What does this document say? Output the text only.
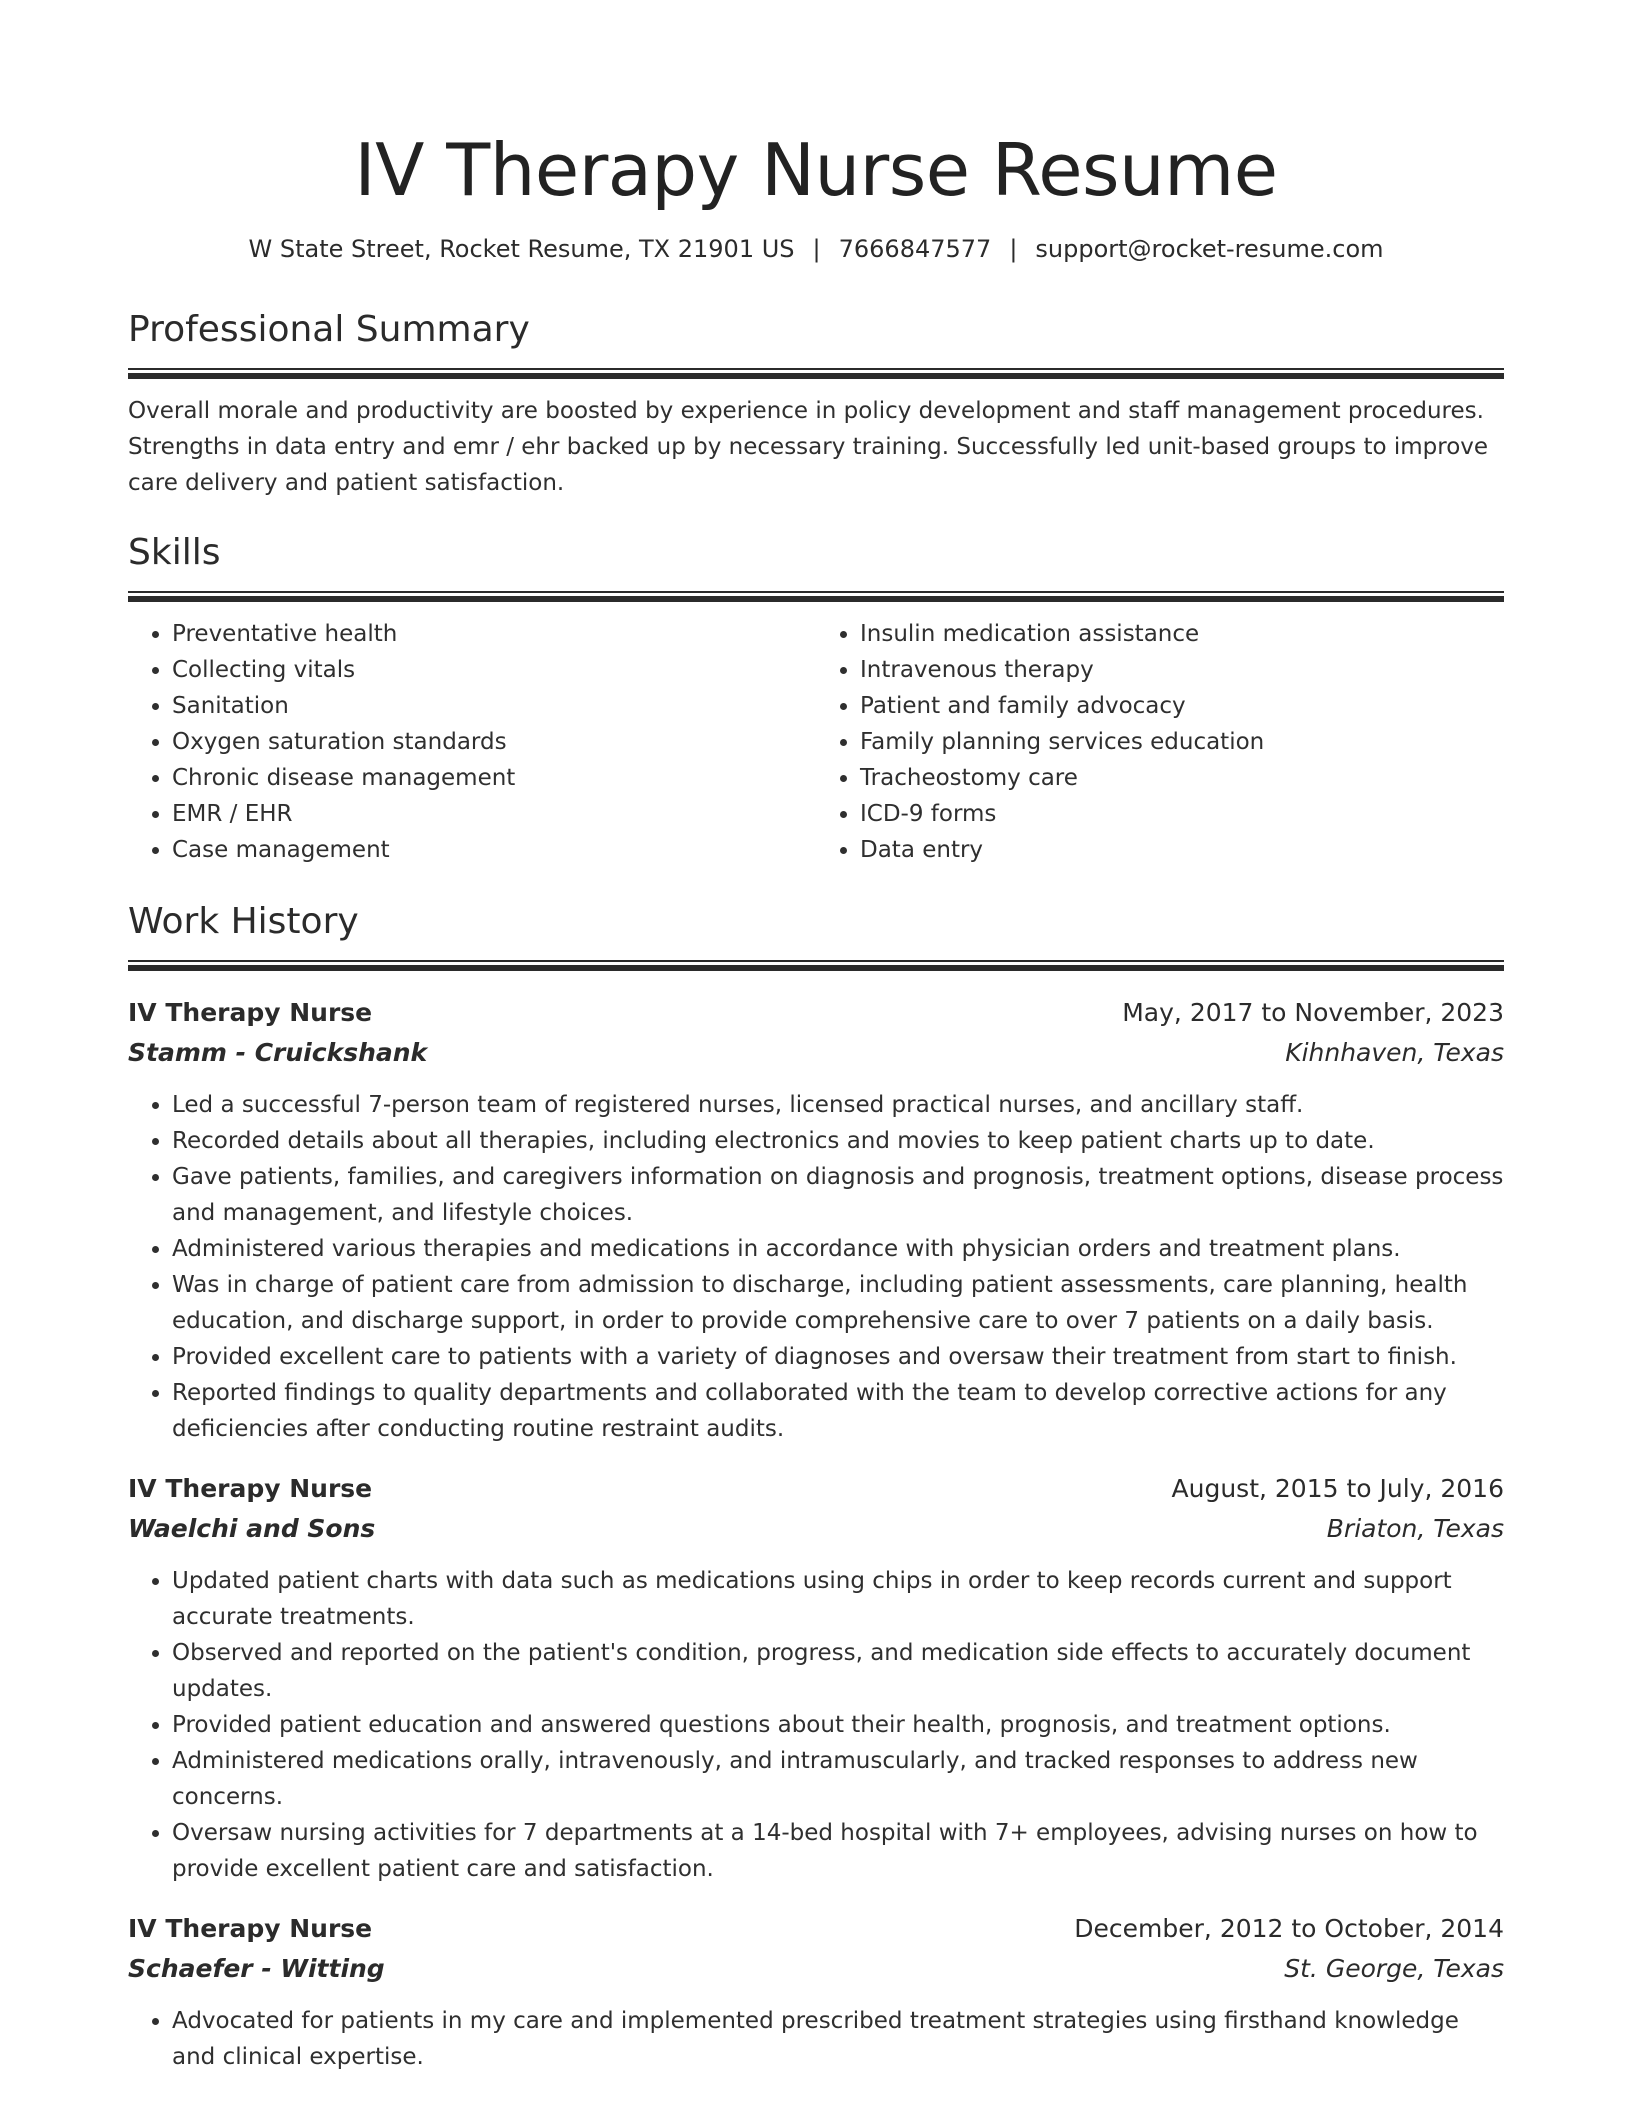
IV Therapy Nurse Resume
W State Street, Rocket Resume, TX 21901 US | 7666847577 | support@rocket-resume.com
Professional Summary

Overall morale and productivity are boosted by experience in policy development and staff management procedures. Strengths in data entry and emr / ehr backed up by necessary training. Successfully led unit-based groups to improve care delivery and patient satisfaction.

Skills
• Preventative health
• Collecting vitals
• Sanitation
• Oxygen saturation standards
• Chronic disease management
• EMR / EHR
• Case management
• Insulin medication assistance
• Intravenous therapy
• Patient and family advocacy
• Family planning services education
• Tracheostomy care
• ICD-9 forms
• Data entry
Work History
IV Therapy Nurse	May, 2017 to November, 2023
Stamm - Cruickshank	Kihnhaven, Texas
• Led a successful 7-person team of registered nurses, licensed practical nurses, and ancillary staff.
• Recorded details about all therapies, including electronics and movies to keep patient charts up to date.
• Gave patients, families, and caregivers information on diagnosis and prognosis, treatment options, disease process and management, and lifestyle choices.
• Administered various therapies and medications in accordance with physician orders and treatment plans.
• Was in charge of patient care from admission to discharge, including patient assessments, care planning, health education, and discharge support, in order to provide comprehensive care to over 7 patients on a daily basis.
• Provided excellent care to patients with a variety of diagnoses and oversaw their treatment from start to finish.
• Reported findings to quality departments and collaborated with the team to develop corrective actions for any deficiencies after conducting routine restraint audits.
IV Therapy Nurse	August, 2015 to July, 2016
Waelchi and Sons	Briaton, Texas
• Updated patient charts with data such as medications using chips in order to keep records current and support accurate treatments.
• Observed and reported on the patient's condition, progress, and medication side effects to accurately document updates.
• Provided patient education and answered questions about their health, prognosis, and treatment options.
• Administered medications orally, intravenously, and intramuscularly, and tracked responses to address new concerns.
• Oversaw nursing activities for 7 departments at a 14-bed hospital with 7+ employees, advising nurses on how to provide excellent patient care and satisfaction.
IV Therapy Nurse	December, 2012 to October, 2014
Schaefer - Witting	St. George, Texas
• Advocated for patients in my care and implemented prescribed treatment strategies using firsthand knowledge and clinical expertise.
